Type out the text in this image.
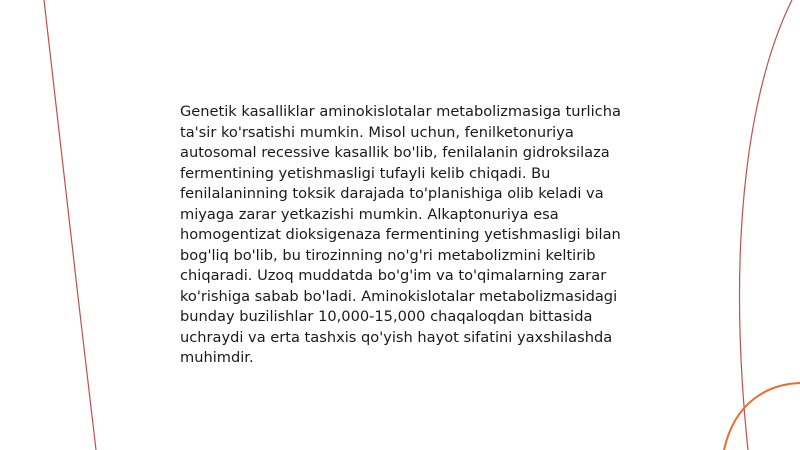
Genetik kasalliklar aminokislotalar metabolizmasiga turlicha ta'sir ko'rsatishi mumkin. Misol uchun, fenilketonuriya autosomal recessive kasallik bo'lib, fenilalanin gidroksilaza fermentining yetishmasligi tufayli kelib chiqadi. Bu fenilalaninning toksik darajada to'planishiga olib keladi va miyaga zarar yetkazishi mumkin. Alkaptonuriya esa homogentizat dioksigenaza fermentining yetishmasligi bilan bog'liq bo'lib, bu tirozinning no'g'ri metabolizmini keltirib chiqaradi. Uzoq muddatda bo'g'im va to'qimalarning zarar ko'rishiga sabab bo'ladi. Aminokislotalar metabolizmasidagi bunday buzilishlar 10,000-15,000 chaqaloqdan bittasida uchraydi va erta tashxis qo'yish hayot sifatini yaxshilashda muhimdir.
